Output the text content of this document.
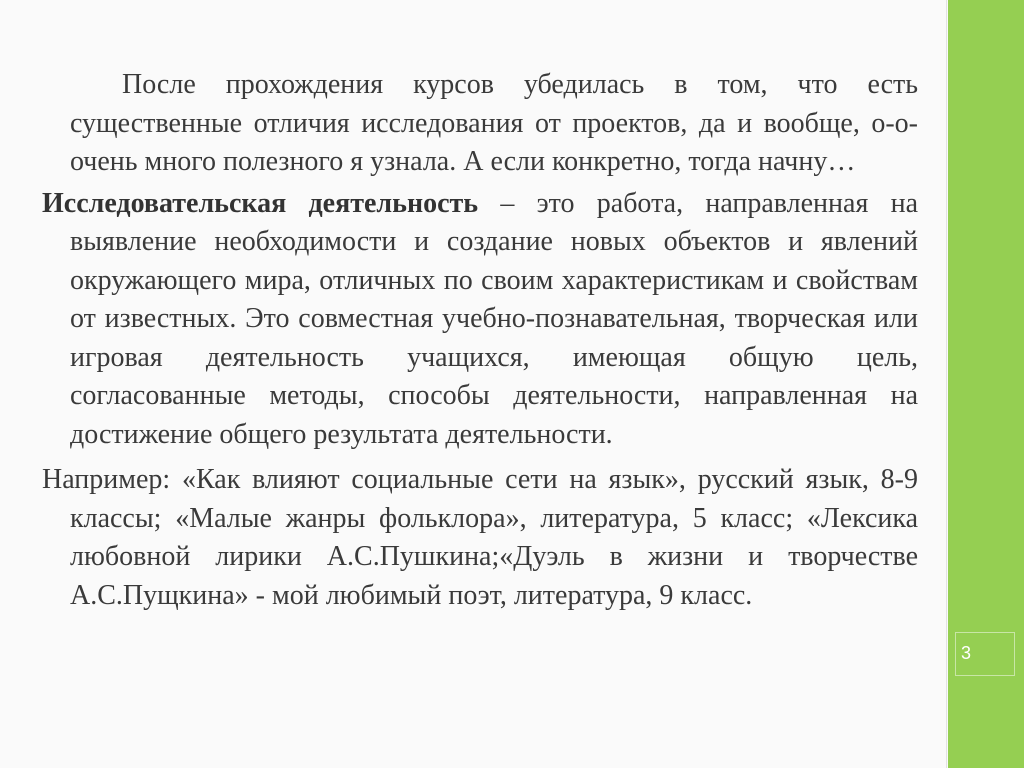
3

После прохождения курсов убедилась в том, что есть существенные отличия исследования от проектов, да и вообще, о-о-очень много полезного я узнала. А если конкретно, тогда начну…

Исследовательская деятельность – это работа, направленная на выявление необходимости и создание новых объектов и явлений окружающего мира, отличных по своим характеристикам и свойствам от известных. Это совместная учебно-познавательная, творческая или игровая деятельность учащихся, имеющая общую цель, согласованные методы, способы деятельности, направленная на достижение общего результата деятельности.

Например: «Как влияют социальные сети на язык», русский язык, 8-9 классы; «Малые жанры фольклора», литература, 5 класс; «Лексика любовной лирики А.С.Пушкина;«Дуэль в жизни и творчестве А.С.Пущкина» - мой любимый поэт, литература, 9 класс.
